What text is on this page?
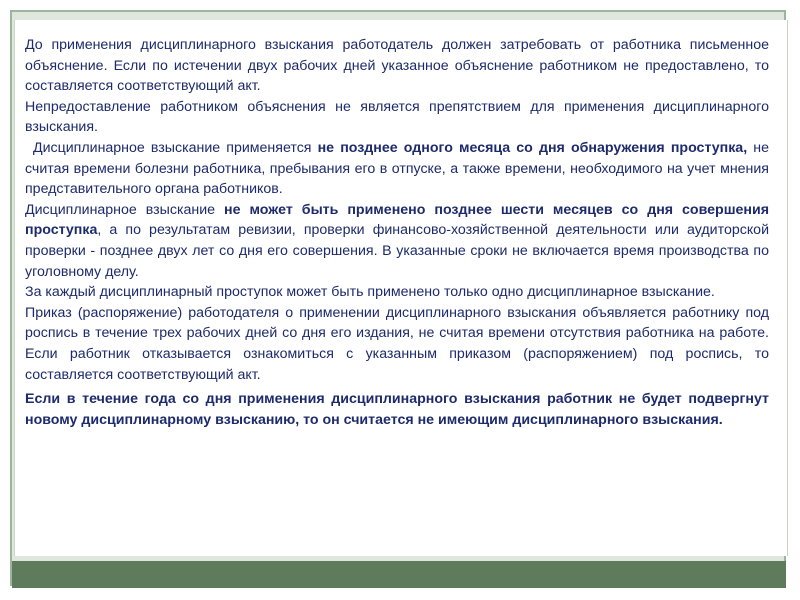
До применения дисциплинарного взыскания работодатель должен затребовать от работника письменное объяснение. Если по истечении двух рабочих дней указанное объяснение работником не предоставлено, то составляется соответствующий акт.

Непредоставление работником объяснения не является препятствием для применения дисциплинарного взыскания.

Дисциплинарное взыскание применяется не позднее одного месяца со дня обнаружения проступка, не считая времени болезни работника, пребывания его в отпуске, а также времени, необходимого на учет мнения представительного органа работников.

Дисциплинарное взыскание не может быть применено позднее шести месяцев со дня совершения проступка, а по результатам ревизии, проверки финансово-хозяйственной деятельности или аудиторской проверки - позднее двух лет со дня его совершения. В указанные сроки не включается время производства по уголовному делу.

За каждый дисциплинарный проступок может быть применено только одно дисциплинарное взыскание.

Приказ (распоряжение) работодателя о применении дисциплинарного взыскания объявляется работнику под роспись в течение трех рабочих дней со дня его издания, не считая времени отсутствия работника на работе. Если работник отказывается ознакомиться с указанным приказом (распоряжением) под роспись, то составляется соответствующий акт.

Если в течение года со дня применения дисциплинарного взыскания работник не будет подвергнут новому дисциплинарному взысканию, то он считается не имеющим дисциплинарного взыскания.
